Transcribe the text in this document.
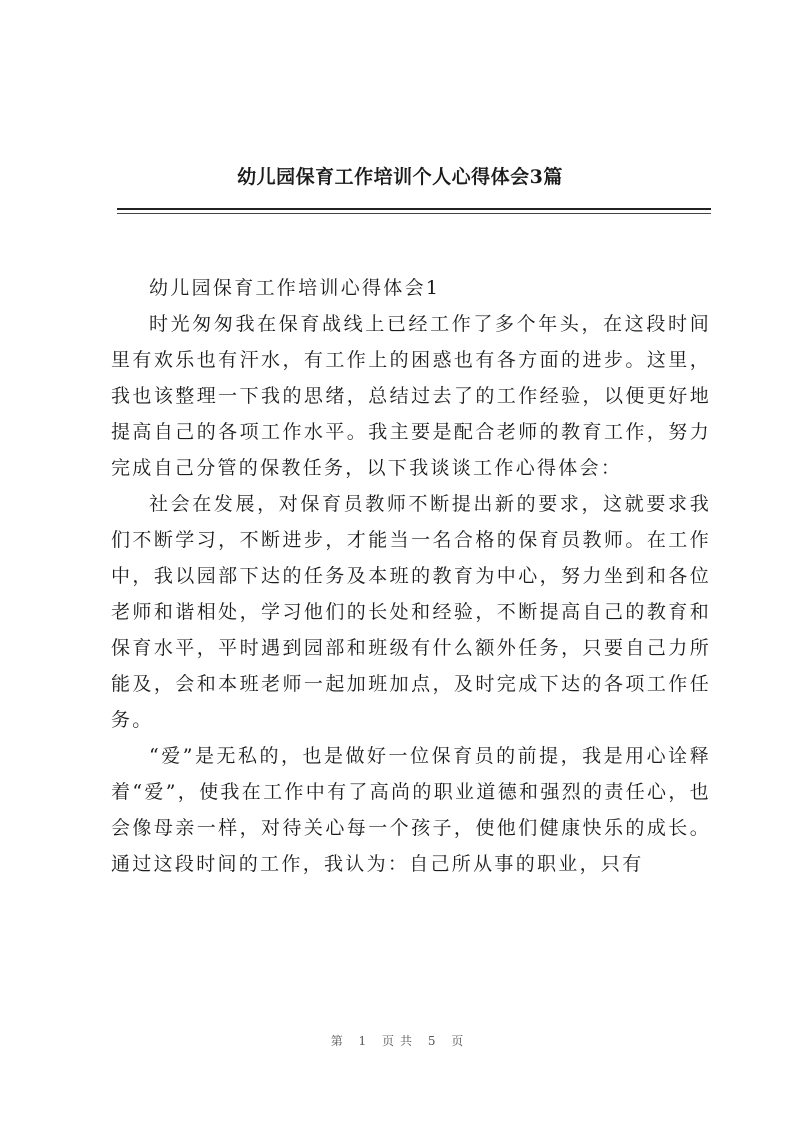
幼儿园保育工作培训个人心得体会3篇

幼儿园保育工作培训心得体会1

时光匆匆我在保育战线上已经工作了多个年头，在这段时间里有欢乐也有汗水，有工作上的困惑也有各方面的进步。这里，我也该整理一下我的思绪，总结过去了的工作经验，以便更好地提高自己的各项工作水平。我主要是配合老师的教育工作，努力完成自己分管的保教任务，以下我谈谈工作心得体会：

社会在发展，对保育员教师不断提出新的要求，这就要求我们不断学习，不断进步，才能当一名合格的保育员教师。在工作中，我以园部下达的任务及本班的教育为中心，努力坐到和各位老师和谐相处，学习他们的长处和经验，不断提高自己的教育和保育水平，平时遇到园部和班级有什么额外任务，只要自己力所能及，会和本班老师一起加班加点，及时完成下达的各项工作任务。

“爱”是无私的，也是做好一位保育员的前提，我是用心诠释着“爱”，使我在工作中有了高尚的职业道德和强烈的责任心，也会像母亲一样，对待关心每一个孩子，使他们健康快乐的成长。通过这段时间的工作，我认为：自己所从事的职业，只有

第 1 页共 5 页
